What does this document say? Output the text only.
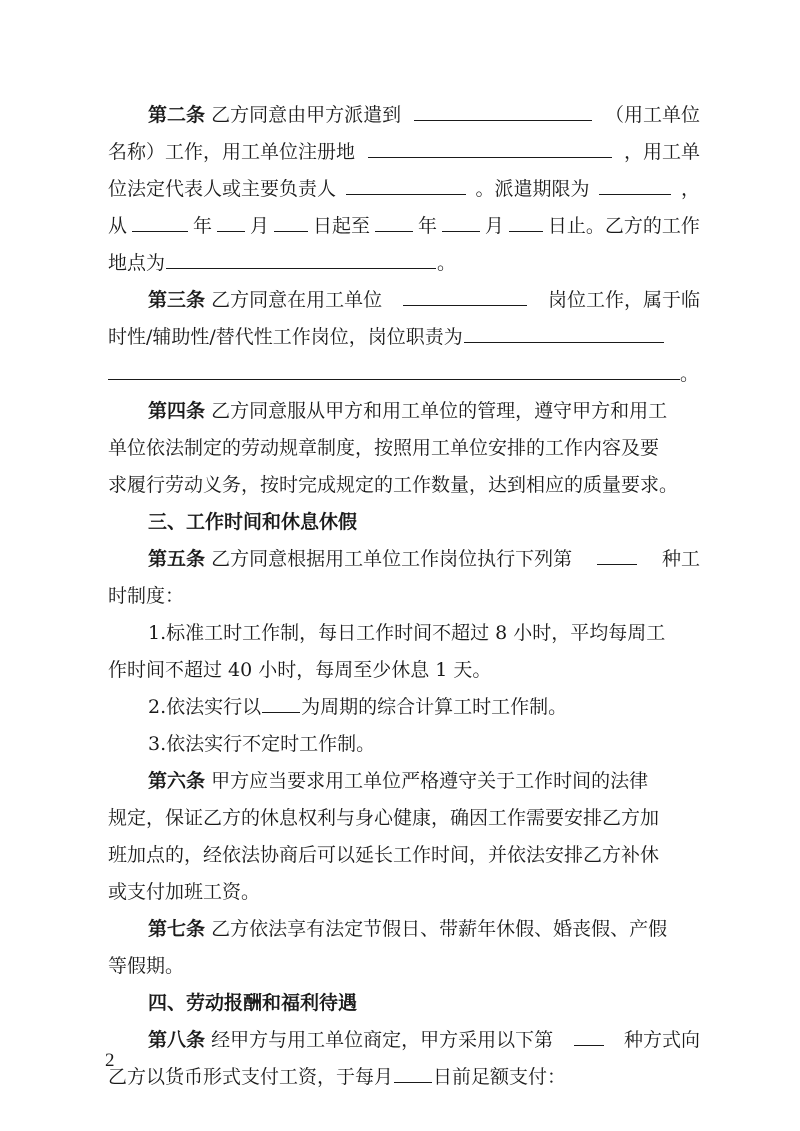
第二条 乙方同意由甲方派遣到	（用工单位
名称）工作，用工单位注册地	，用工单
位法定代表人或主要负责人	。派遣期限为	，
从	年 月 日起至	年	月 日止。乙方的工作
地点为	。
第三条 乙方同意在用工单位	岗位工作，属于临
时性/辅助性/替代性工作岗位，岗位职责为
。
第四条 乙方同意服从甲方和用工单位的管理，遵守甲方和用工
单位依法制定的劳动规章制度，按照用工单位安排的工作内容及要
求履行劳动义务，按时完成规定的工作数量，达到相应的质量要求。
三、工作时间和休息休假
第五条 乙方同意根据用工单位工作岗位执行下列第	种工
时制度：
1.标准工时工作制，每日工作时间不超过 8 小时，平均每周工
作时间不超过 40 小时，每周至少休息 1 天。
2.依法实行以 为周期的综合计算工时工作制。
3.依法实行不定时工作制。
第六条 甲方应当要求用工单位严格遵守关于工作时间的法律
规定，保证乙方的休息权利与身心健康，确因工作需要安排乙方加
班加点的，经依法协商后可以延长工作时间，并依法安排乙方补休
或支付加班工资。
第七条 乙方依法享有法定节假日、带薪年休假、婚丧假、产假
等假期。
四、劳动报酬和福利待遇
第八条 经甲方与用工单位商定，甲方采用以下第	种方式向
乙方以货币形式支付工资，于每月 日前足额支付：
2
